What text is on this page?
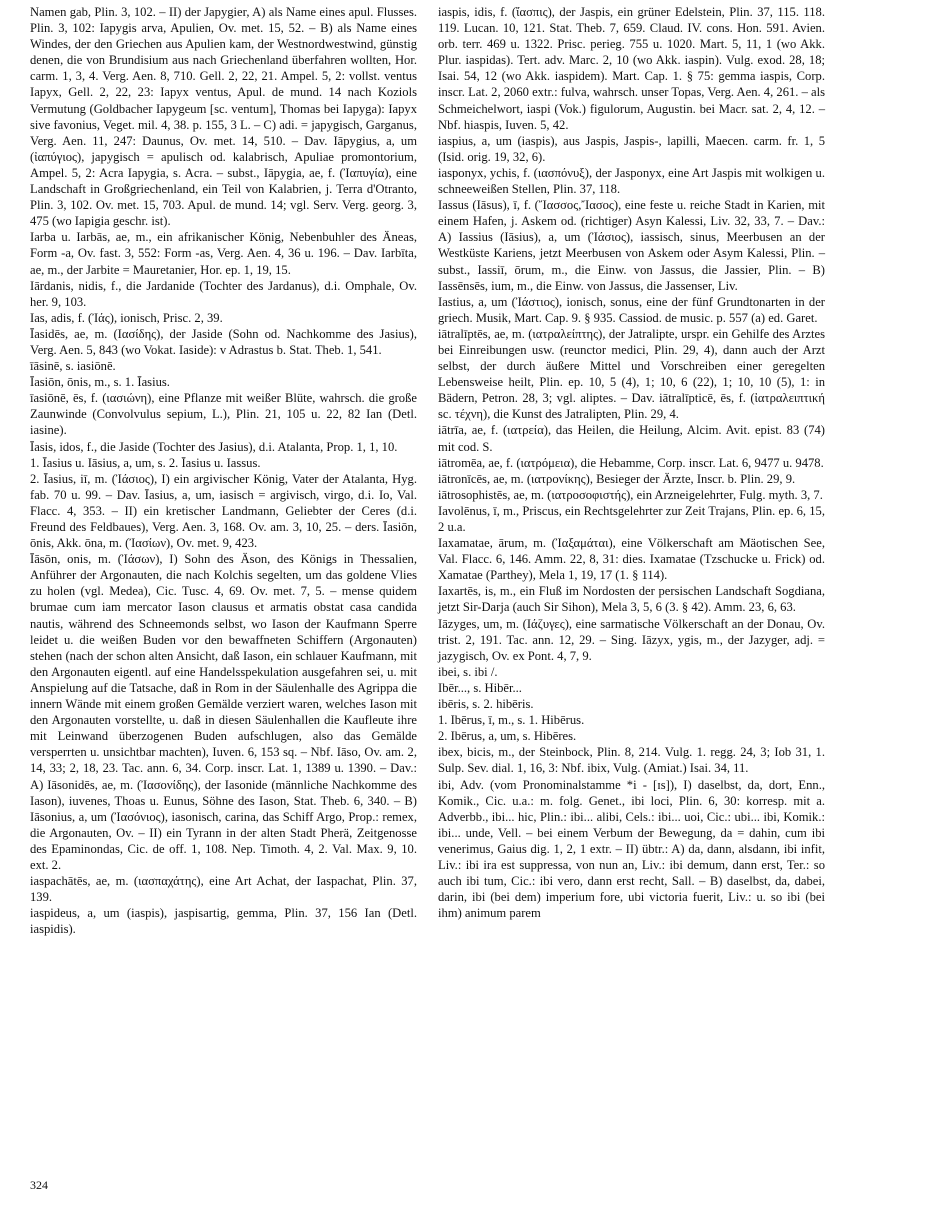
Namen gab, Plin. 3, 102. – II) der Japygier, A) als Name eines apul. Flusses. Plin. 3, 102: Iapygis arva, Apulien, Ov. met. 15, 52. – B) als Name eines Windes, der den Griechen aus Apulien kam, der Westnordwestwind, günstig denen, die von Brundisium aus nach Griechenland überfahren wollten, Hor. carm. 1, 3, 4. Verg. Aen. 8, 710. Gell. 2, 22, 21. Ampel. 5, 2: vollst. ventus Iapyx, Gell. 2, 22, 23: Iapyx ventus, Apul. de mund. 14 nach Koziols Vermutung (Goldbacher Iapygeum [sc. ventum], Thomas bei Iapyga): Iapyx sive favonius, Veget. mil. 4, 38. p. 155, 3 L. – C) adi. = japygisch, Garganus, Verg. Aen. 11, 247: Daunus, Ov. met. 14, 510. – Dav. Iāpygius, a, um (ἰαπύγιος), japygisch = apulisch od. kalabrisch, Apuliae promontorium, Ampel. 5, 2: Acra Iapygia, s. Acra. – subst., Iāpygia, ae, f. (Ἰαπυγία), eine Landschaft in Großgriechenland, ein Teil von Kalabrien, j. Terra d'Otranto, Plin. 3, 102. Ov. met. 15, 703. Apul. de mund. 14; vgl. Serv. Verg. georg. 3, 475 (wo Iapigia geschr. ist).

Iarba u. Iarbās, ae, m., ein afrikanischer König, Nebenbuhler des Äneas, Form -a, Ov. fast. 3, 552: Form -as, Verg. Aen. 4, 36 u. 196. – Dav. Iarbīta, ae, m., der Jarbite = Mauretanier, Hor. ep. 1, 19, 15.

Iārdanis, nidis, f., die Jardanide (Tochter des Jardanus), d.i. Omphale, Ov. her. 9, 103.

Ias, adis, f. (Ἰάς), ionisch, Prisc. 2, 39.

Īasidēs, ae, m. (Ιασίδης), der Jaside (Sohn od. Nachkomme des Jasius), Verg. Aen. 5, 843 (wo Vokat. Iaside): v Adrastus b. Stat. Theb. 1, 541.

īāsinē, s. iasiōnē.

Īasiōn, ōnis, m., s. 1. Īasius.

īasiōnē, ēs, f. (ιασιώνη), eine Pflanze mit weißer Blüte, wahrsch. die große Zaunwinde (Convolvulus sepium, L.), Plin. 21, 105 u. 22, 82 Ian (Detl. iasine).

Īasis, idos, f., die Jaside (Tochter des Jasius), d.i. Atalanta, Prop. 1, 1, 10.

1. Īasius u. Iāsius, a, um, s. 2. Īasius u. Iassus.

2. Īasius, iī, m. (Ἰάσιος), I) ein argivischer König, Vater der Atalanta, Hyg. fab. 70 u. 99. – Dav. Īasius, a, um, iasisch = argivisch, virgo, d.i. Io, Val. Flacc. 4, 353. – II) ein kretischer Landmann, Geliebter der Ceres (d.i. Freund des Feldbaues), Verg. Aen. 3, 168. Ov. am. 3, 10, 25. – ders. Īasiōn, ōnis, Akk. ōna, m. (Ἰασίων), Ov. met. 9, 423.

Īāsōn, onis, m. (Ἰάσων), I) Sohn des Äson, des Königs in Thessalien, Anführer der Argonauten, die nach Kolchis segelten, um das goldene Vlies zu holen (vgl. Medea), Cic. Tusc. 4, 69. Ov. met. 7, 5. – mense quidem brumae cum iam mercator Iason clausus et armatis obstat casa candida nautis, während des Schneemonds selbst, wo Iason der Kaufmann Sperre leidet u. die weißen Buden vor den bewaffneten Schiffern (Argonauten) stehen (nach der schon alten Ansicht, daß Iason, ein schlauer Kaufmann, mit den Argonauten eigentl. auf eine Handelsspekulation ausgefahren sei, u. mit Anspielung auf die Tatsache, daß in Rom in der Säulenhalle des Agrippa die innern Wände mit einem großen Gemälde verziert waren, welches Iason mit den Argonauten vorstellte, u. daß in diesen Säulenhallen die Kaufleute ihre mit Leinwand überzogenen Buden aufschlugen, also das Gemälde versperrten u. unsichtbar machten), Iuven. 6, 153 sq. – Nbf. Iāso, Ov. am. 2, 14, 33; 2, 18, 23. Tac. ann. 6, 34. Corp. inscr. Lat. 1, 1389 u. 1390. – Dav.: A) Iāsonidēs, ae, m. (Ἰασονίδης), der Iasonide (männliche Nachkomme des Iason), iuvenes, Thoas u. Eunus, Söhne des Iason, Stat. Theb. 6, 340. – B) Iāsonius, a, um (Ἰασόνιος), iasonisch, carina, das Schiff Argo, Prop.: remex, die Argonauten, Ov. – II) ein Tyrann in der alten Stadt Pherä, Zeitgenosse des Epaminondas, Cic. de off. 1, 108. Nep. Timoth. 4, 2. Val. Max. 9, 10. ext. 2.

iaspachātēs, ae, m. (ιασπαχάτης), eine Art Achat, der Iaspachat, Plin. 37, 139.

iaspideus, a, um (iaspis), jaspisartig, gemma, Plin. 37, 156 Ian (Detl. iaspidis).

iaspis, idis, f. (ἴασπις), der Jaspis, ein grüner Edelstein, Plin. 37, 115. 118. 119. Lucan. 10, 121. Stat. Theb. 7, 659. Claud. IV. cons. Hon. 591. Avien. orb. terr. 469 u. 1322. Prisc. perieg. 755 u. 1020. Mart. 5, 11, 1 (wo Akk. Plur. iaspidas). Tert. adv. Marc. 2, 10 (wo Akk. iaspin). Vulg. exod. 28, 18; Isai. 54, 12 (wo Akk. iaspidem). Mart. Cap. 1. § 75: gemma iaspis, Corp. inscr. Lat. 2, 2060 extr.: fulva, wahrsch. unser Topas, Verg. Aen. 4, 261. – als Schmeichelwort, iaspi (Vok.) figulorum, Augustin. bei Macr. sat. 2, 4, 12. – Nbf. hiaspis, Iuven. 5, 42.

iaspius, a, um (iaspis), aus Jaspis, Jaspis-, lapilli, Maecen. carm. fr. 1, 5 (Isid. orig. 19, 32, 6).

iasponyx, ychis, f. (ιασπόνυξ), der Jasponyx, eine Art Jaspis mit wolkigen u. schneeweißen Stellen, Plin. 37, 118.

Iassus (Iāsus), ī, f. (Ἴασσος,Ἴασος), eine feste u. reiche Stadt in Karien, mit einem Hafen, j. Askem od. (richtiger) Asyn Kalessi, Liv. 32, 33, 7. – Dav.: A) Iassius (Iāsius), a, um (Ἰάσιος), iassisch, sinus, Meerbusen an der Westküste Kariens, jetzt Meerbusen von Askem oder Asym Kalessi, Plin. – subst., Iassiī, ōrum, m., die Einw. von Jassus, die Jassier, Plin. – B) Iassēnsēs, ium, m., die Einw. von Jassus, die Jassenser, Liv.

Iastius, a, um (Ἰάστιος), ionisch, sonus, eine der fünf Grundtonarten in der griech. Musik, Mart. Cap. 9. § 935. Cassiod. de music. p. 557 (a) ed. Garet.

iātralīptēs, ae, m. (ιατραλείπτης), der Jatralipte, urspr. ein Gehilfe des Arztes bei Einreibungen usw. (reunctor medici, Plin. 29, 4), dann auch der Arzt selbst, der durch äußere Mittel und Vorschreiben einer geregelten Lebensweise heilt, Plin. ep. 10, 5 (4), 1; 10, 6 (22), 1; 10, 10 (5), 1: in Bädern, Petron. 28, 3; vgl. aliptes. – Dav. iātralīpticē, ēs, f. (ἰατραλειπτική sc. τέχνη), die Kunst des Jatralipten, Plin. 29, 4.

iātrīa, ae, f. (ιατρεία), das Heilen, die Heilung, Alcim. Avit. epist. 83 (74) mit cod. S.

iātromēa, ae, f. (ιατρόμεια), die Hebamme, Corp. inscr. Lat. 6, 9477 u. 9478.

iātronīcēs, ae, m. (ιατρονίκης), Besieger der Ärzte, Inscr. b. Plin. 29, 9.

iātrosophistēs, ae, m. (ιατροσοφιστής), ein Arzneigelehrter, Fulg. myth. 3, 7.

Iavolēnus, ī, m., Priscus, ein Rechtsgelehrter zur Zeit Trajans, Plin. ep. 6, 15, 2 u.a.

Iaxamatae, ārum, m. (Ἰαξαμάται), eine Völkerschaft am Mäotischen See, Val. Flacc. 6, 146. Amm. 22, 8, 31: dies. Ixamatae (Tzschucke u. Frick) od. Xamatae (Parthey), Mela 1, 19, 17 (1. § 114).

Iaxartēs, is, m., ein Fluß im Nordosten der persischen Landschaft Sogdiana, jetzt Sir-Darja (auch Sir Sihon), Mela 3, 5, 6 (3. § 42). Amm. 23, 6, 63.

Iāzyges, um, m. (Ιάζυγες), eine sarmatische Völkerschaft an der Donau, Ov. trist. 2, 191. Tac. ann. 12, 29. – Sing. Iāzyx, ygis, m., der Jazyger, adj. = jazygisch, Ov. ex Pont. 4, 7, 9.

ibei, s. ibi /.

Ibēr..., s. Hibēr...

ibēris, s. 2. hibēris.

1. Ibērus, ī, m., s. 1. Hibērus.

2. Ibērus, a, um, s. Hibēres.

ibex, bicis, m., der Steinbock, Plin. 8, 214. Vulg. 1. regg. 24, 3; Iob 31, 1. Sulp. Sev. dial. 1, 16, 3: Nbf. ibix, Vulg. (Amiat.) Isai. 34, 11.

ibi, Adv. (vom Pronominalstamme *i - [ɪs]), I) daselbst, da, dort, Enn., Komik., Cic. u.a.: m. folg. Genet., ibi loci, Plin. 6, 30: korresp. mit a. Adverbb., ibi... hic, Plin.: ibi... alibi, Cels.: ibi... uoi, Cic.: ubi... ibi, Komik.: ibi... unde, Vell. – bei einem Verbum der Bewegung, da = dahin, cum ibi venerimus, Gaius dig. 1, 2, 1 extr. – II) übtr.: A) da, dann, alsdann, ibi infit, Liv.: ibi ira est suppressa, von nun an, Liv.: ibi demum, dann erst, Ter.: so auch ibi tum, Cic.: ibi vero, dann erst recht, Sall. – B) daselbst, da, dabei, darin, ibi (bei dem) imperium fore, ubi victoria fuerit, Liv.: u. so ibi (bei ihm) animum parem

324
